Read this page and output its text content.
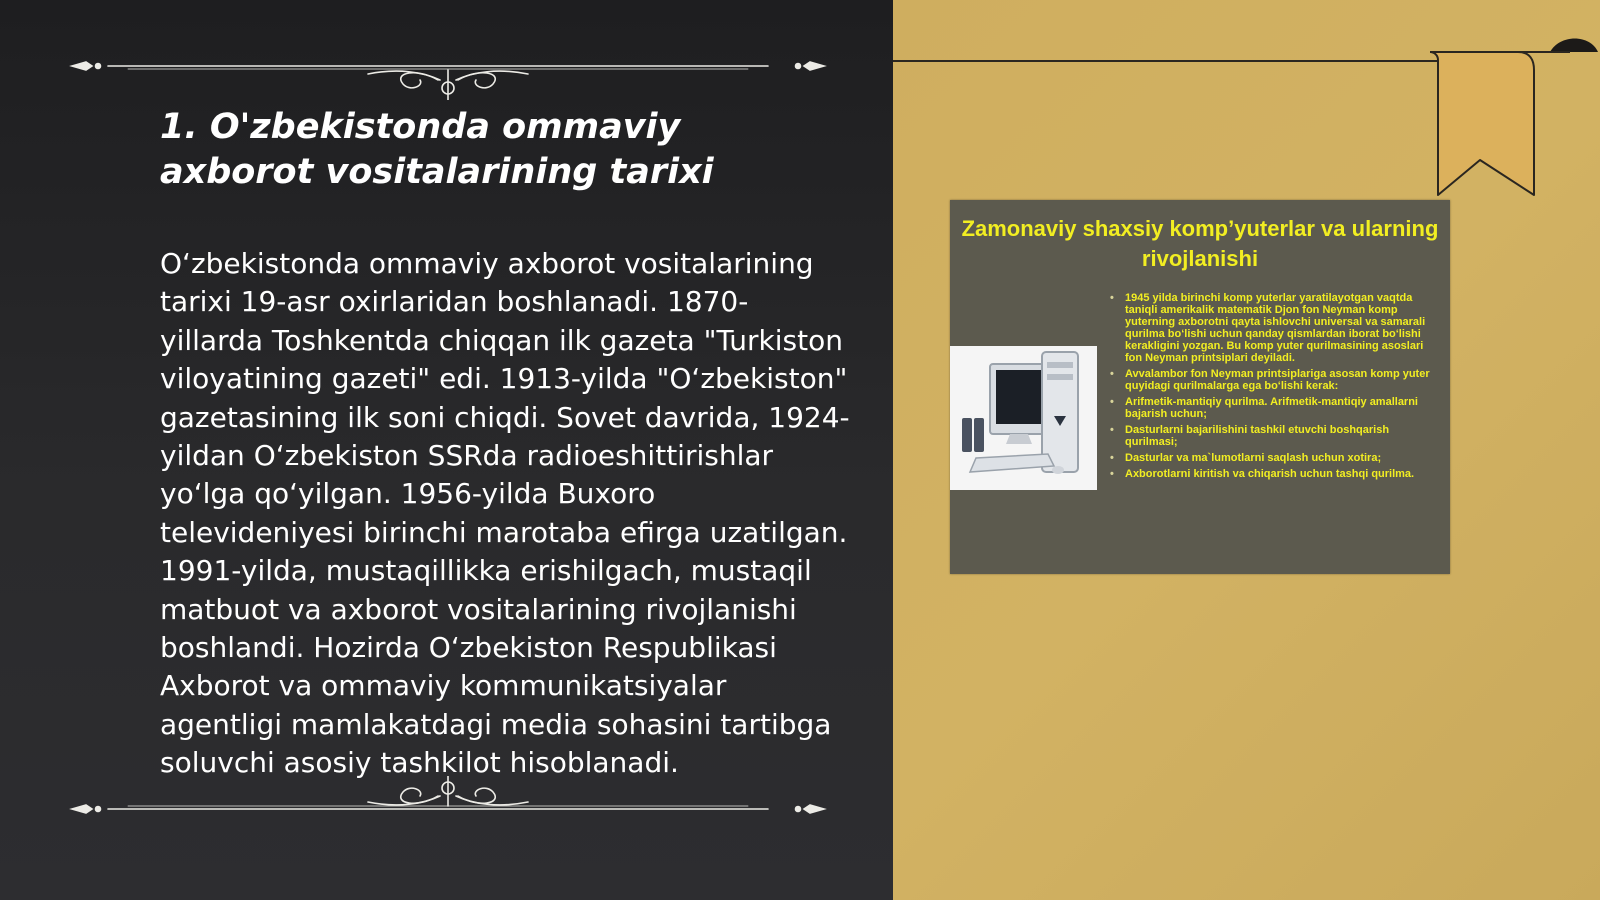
1. O'zbekistonda ommaviy axborot vositalarining tarixi

O‘zbekistonda ommaviy axborot vositalarining tarixi 19-asr oxirlaridan boshlanadi. 1870-yillarda Toshkentda chiqqan ilk gazeta "Turkiston viloyatining gazeti" edi. 1913-yilda "O‘zbekiston" gazetasining ilk soni chiqdi. Sovet davrida, 1924-yildan O‘zbekiston SSRda radioeshittirishlar yo‘lga qo‘yilgan. 1956-yilda Buxoro televideniyesi birinchi marotaba efirga uzatilgan. 1991-yilda, mustaqillikka erishilgach, mustaqil matbuot va axborot vositalarining rivojlanishi boshlandi. Hozirda O‘zbekiston Respublikasi Axborot va ommaviy kommunikatsiyalar agentligi mamlakatdagi media sohasini tartibga soluvchi asosiy tashkilot hisoblanadi.

Zamonaviy shaxsiy komp’yuterlar va ularning rivojlanishi
• 1945 yilda birinchi komp yuterlar yaratilayotgan vaqtda taniqli amerikalik matematik Djon fon Neyman komp yuterning axborotni qayta ishlovchi universal va samarali qurilma bo‘lishi uchun qanday qismlardan iborat bo‘lishi kerakligini yozgan. Bu komp yuter qurilmasining asoslari fon Neyman printsiplari deyiladi.
• Avvalambor fon Neyman printsiplariga asosan komp yuter quyidagi qurilmalarga ega bo‘lishi kerak:
• Arifmetik-mantiqiy qurilma. Arifmetik-mantiqiy amallarni bajarish uchun;
• Dasturlarni bajarilishini tashkil etuvchi boshqarish qurilmasi;
• Dasturlar va ma`lumotlarni saqlash uchun xotira;
• Axborotlarni kiritish va chiqarish uchun tashqi qurilma.
